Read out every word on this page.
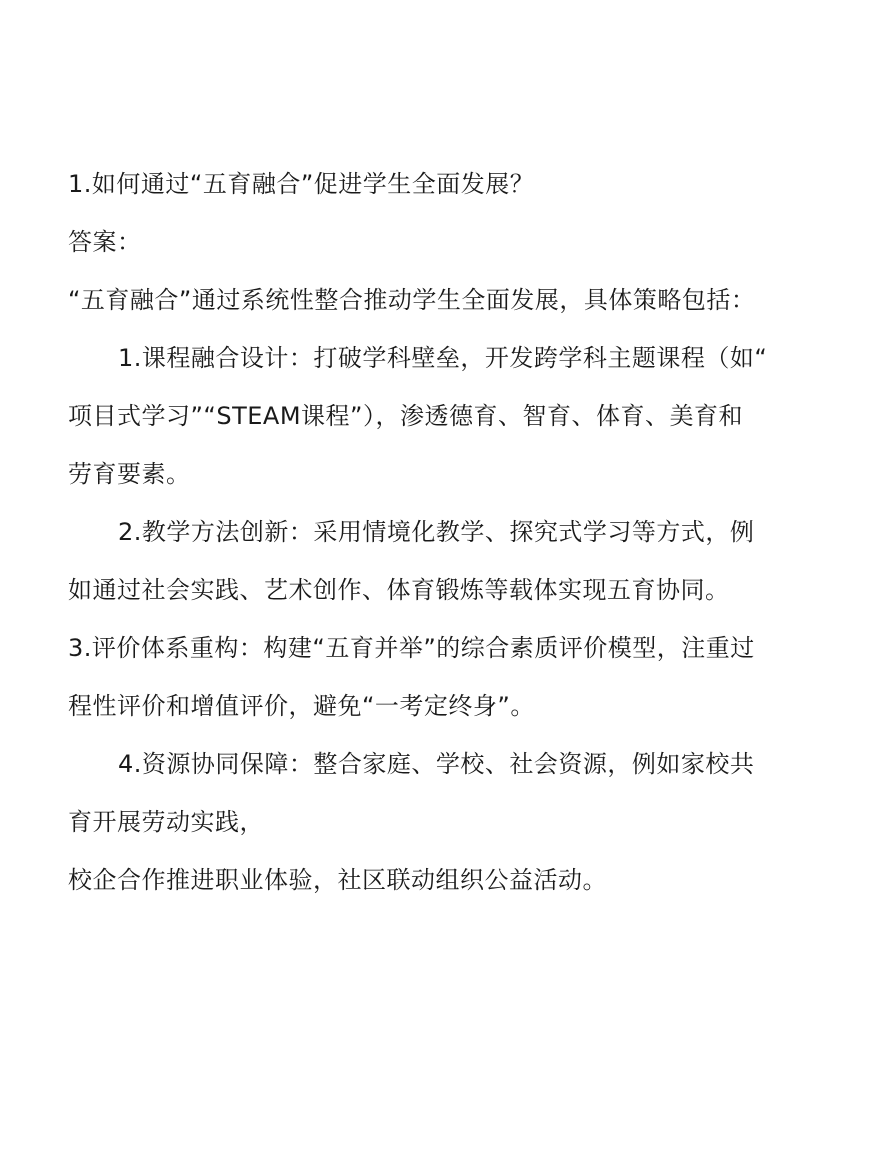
1.如何通过“五育融合”促进学生全面发展？
答案：
“五育融合”通过系统性整合推动学生全面发展，具体策略包括：
1.课程融合设计：打破学科壁垒，开发跨学科主题课程（如“
项目式学习”“STEAM课程”），渗透德育、智育、体育、美育和
劳育要素。
2.教学方法创新：采用情境化教学、探究式学习等方式，例
如通过社会实践、艺术创作、体育锻炼等载体实现五育协同。
3.评价体系重构：构建“五育并举”的综合素质评价模型，注重过
程性评价和增值评价，避免“一考定终身”。
4.资源协同保障：整合家庭、学校、社会资源，例如家校共
育开展劳动实践，
校企合作推进职业体验，社区联动组织公益活动。
